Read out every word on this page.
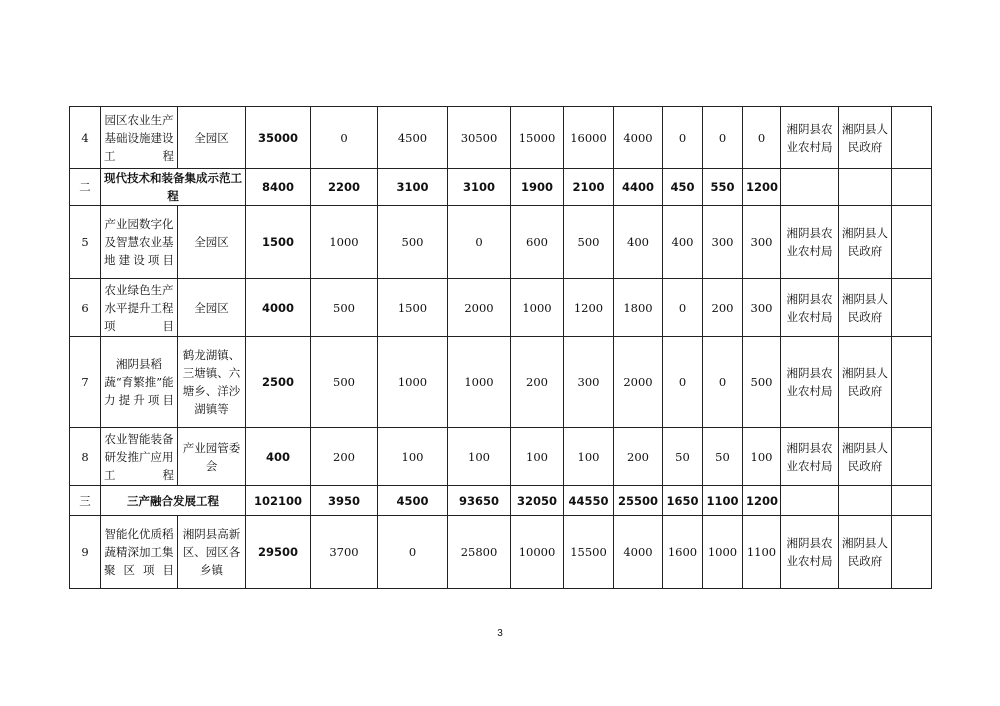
4	园区农业生产基础设施建设工程	全园区	35000	0	4500	30500	15000	16000	4000	0	0	0	湘阴县农业农村局	湘阴县人民政府	
二	现代技术和装备集成示范工程		8400	2200	3100	3100	1900	2100	4400	450	550	1200			
5	产业园数字化及智慧农业基地建设项目	全园区	1500	1000	500	0	600	500	400	400	300	300	湘阴县农业农村局	湘阴县人民政府	
6	农业绿色生产水平提升工程项目	全园区	4000	500	1500	2000	1000	1200	1800	0	200	300	湘阴县农业农村局	湘阴县人民政府	
7	湘阴县稻蔬“育繁推”能力提升项目	鹤龙湖镇、三塘镇、六塘乡、洋沙湖镇等	2500	500	1000	1000	200	300	2000	0	0	500	湘阴县农业农村局	湘阴县人民政府	
8	农业智能装备研发推广应用工程	产业园管委会	400	200	100	100	100	100	200	50	50	100	湘阴县农业农村局	湘阴县人民政府	
三	三产融合发展工程		102100	3950	4500	93650	32050	44550	25500	1650	1100	1200			
9	智能化优质稻蔬精深加工集聚区项目	湘阴县高新区、园区各乡镇	29500	3700	0	25800	10000	15500	4000	1600	1000	1100	湘阴县农业农村局	湘阴县人民政府	
3
